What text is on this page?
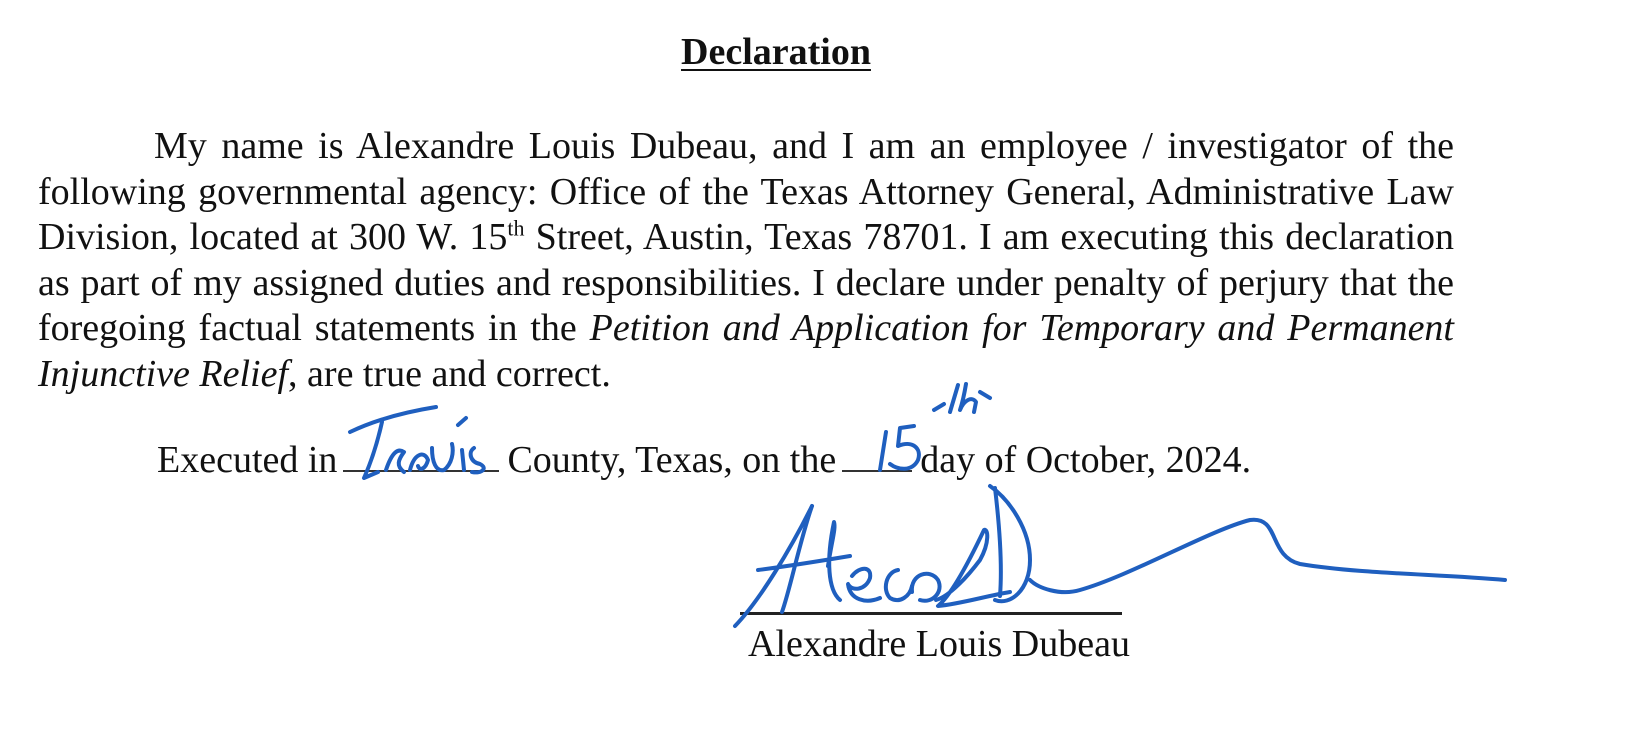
Declaration

My name is Alexandre Louis Dubeau, and I am an employee / investigator of the following governmental agency: Office of the Texas Attorney General, Administrative Law Division, located at 300 W. 15th Street, Austin, Texas 78701. I am executing this declaration as part of my assigned duties and responsibilities. I declare under penalty of perjury that the foregoing factual statements in the Petition and Application for Temporary and Permanent Injunctive Relief, are true and correct.

Executed in	County, Texas, on the day of October, 2024.
Alexandre Louis Dubeau
